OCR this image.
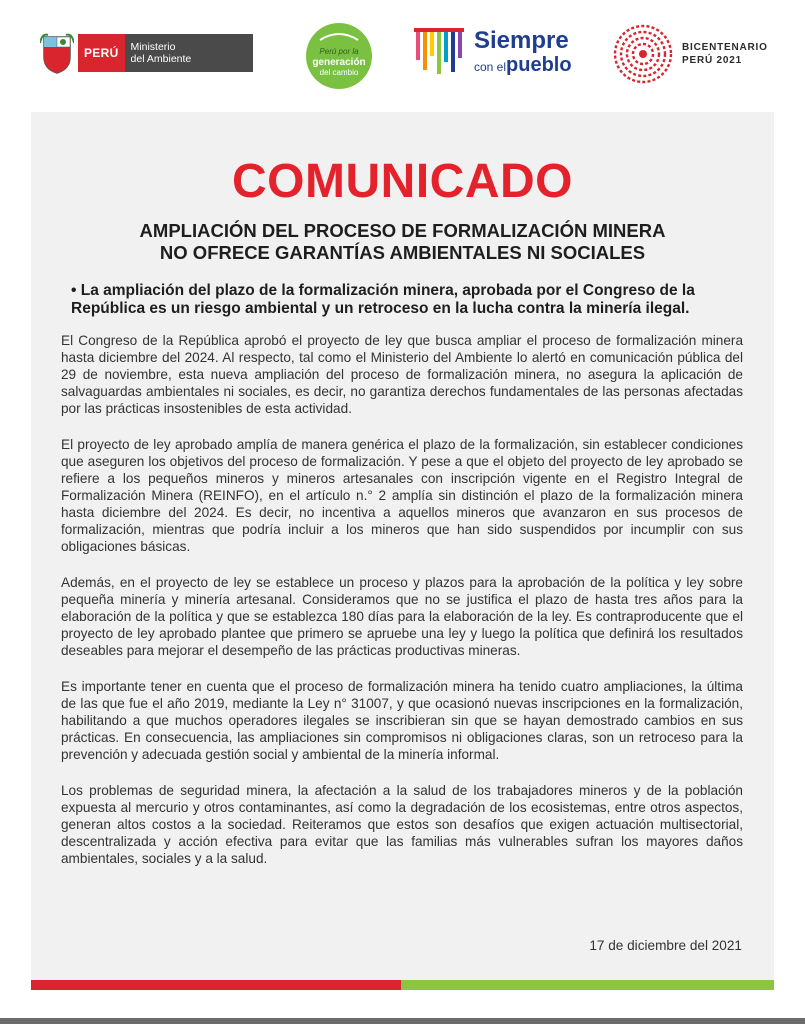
PERÚ	Ministerio
del Ambiente
Perú por la
generación
del cambio
Siempre
con elpueblo
BICENTENARIO
PERÚ 2021
COMUNICADO
AMPLIACIÓN DEL PROCESO DE FORMALIZACIÓN MINERA
NO OFRECE GARANTÍAS AMBIENTALES NI SOCIALES

• La ampliación del plazo de la formalización minera, aprobada por el Congreso de la República es un riesgo ambiental y un retroceso en la lucha contra la minería ilegal.

El Congreso de la República aprobó el proyecto de ley que busca ampliar el proceso de formalización minera hasta diciembre del 2024. Al respecto, tal como el Ministerio del Ambiente lo alertó en comunicación pública del 29 de noviembre, esta nueva ampliación del proceso de formalización minera, no asegura la aplicación de salvaguardas ambientales ni sociales, es decir, no garantiza derechos fundamentales de las personas afectadas por las prácticas insostenibles de esta actividad.

El proyecto de ley aprobado amplía de manera genérica el plazo de la formalización, sin establecer condiciones que aseguren los objetivos del proceso de formalización. Y pese a que el objeto del proyecto de ley aprobado se refiere a los pequeños mineros y mineros artesanales con inscripción vigente en el Registro Integral de Formalización Minera (REINFO), en el artículo n.° 2 amplía sin distinción el plazo de la formalización minera hasta diciembre del 2024. Es decir, no incentiva a aquellos mineros que avanzaron en sus procesos de formalización, mientras que podría incluir a los mineros que han sido suspendidos por incumplir con sus obligaciones básicas.

Además, en el proyecto de ley se establece un proceso y plazos para la aprobación de la política y ley sobre pequeña minería y minería artesanal. Consideramos que no se justifica el plazo de hasta tres años para la elaboración de la política y que se establezca 180 días para la elaboración de la ley. Es contraproducente que el proyecto de ley aprobado plantee que primero se apruebe una ley y luego la política que definirá los resultados deseables para mejorar el desempeño de las prácticas productivas mineras.

Es importante tener en cuenta que el proceso de formalización minera ha tenido cuatro ampliaciones, la última de las que fue el año 2019, mediante la Ley n° 31007, y que ocasionó nuevas inscripciones en la formalización, habilitando a que muchos operadores ilegales se inscribieran sin que se hayan demostrado cambios en sus prácticas. En consecuencia, las ampliaciones sin compromisos ni obligaciones claras, son un retroceso para la prevención y adecuada gestión social y ambiental de la minería informal.

Los problemas de seguridad minera, la afectación a la salud de los trabajadores mineros y de la población expuesta al mercurio y otros contaminantes, así como la degradación de los ecosistemas, entre otros aspectos, generan altos costos a la sociedad. Reiteramos que estos son desafíos que exigen actuación multisectorial, descentralizada y acción efectiva para evitar que las familias más vulnerables sufran los mayores daños ambientales, sociales y a la salud.

17 de diciembre del 2021
